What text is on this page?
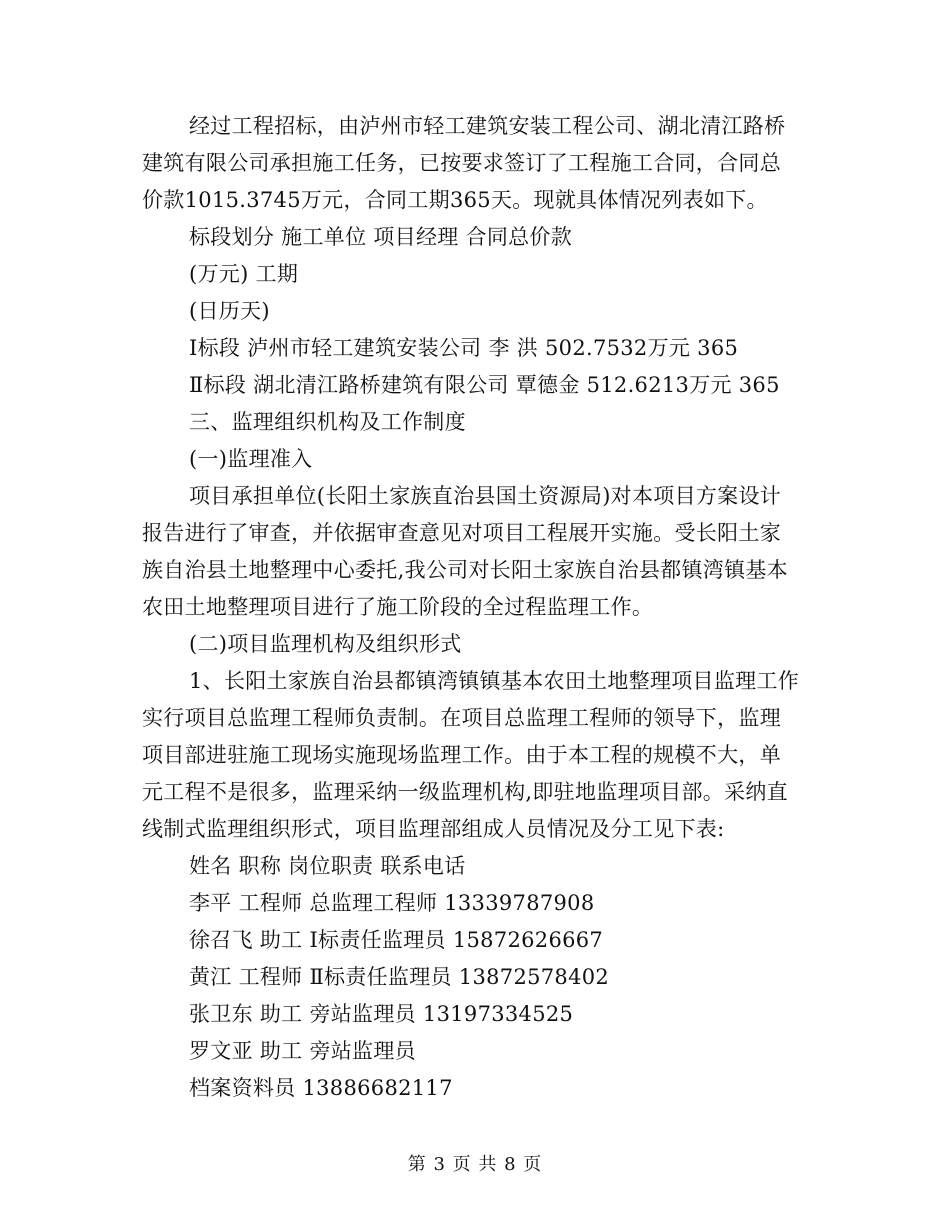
经过工程招标，由泸州市轻工建筑安装工程公司、湖北清江路桥
建筑有限公司承担施工任务，已按要求签订了工程施工合同，合同总
价款1015.3745万元，合同工期365天。现就具体情况列表如下。
标段划分 施工单位 项目经理 合同总价款
(万元) 工期
(日历天)
Ⅰ标段 泸州市轻工建筑安装公司 李 洪 502.7532万元 365
Ⅱ标段 湖北清江路桥建筑有限公司 覃德金 512.6213万元 365
三、监理组织机构及工作制度
(一)监理准入
项目承担单位(长阳土家族直治县国土资源局)对本项目方案设计
报告进行了审查，并依据审查意见对项目工程展开实施。受长阳土家
族自治县土地整理中心委托,我公司对长阳土家族自治县都镇湾镇基本
农田土地整理项目进行了施工阶段的全过程监理工作。
(二)项目监理机构及组织形式
1、长阳土家族自治县都镇湾镇镇基本农田土地整理项目监理工作
实行项目总监理工程师负责制。在项目总监理工程师的领导下，监理
项目部进驻施工现场实施现场监理工作。由于本工程的规模不大，单
元工程不是很多，监理采纳一级监理机构,即驻地监理项目部。采纳直
线制式监理组织形式，项目监理部组成人员情况及分工见下表:
姓名 职称 岗位职责 联系电话
李平 工程师 总监理工程师 13339787908
徐召飞 助工 Ⅰ标责任监理员 15872626667
黄江 工程师 Ⅱ标责任监理员 13872578402
张卫东 助工 旁站监理员 13197334525
罗文亚 助工 旁站监理员
档案资料员 13886682117
第 3 页 共 8 页
